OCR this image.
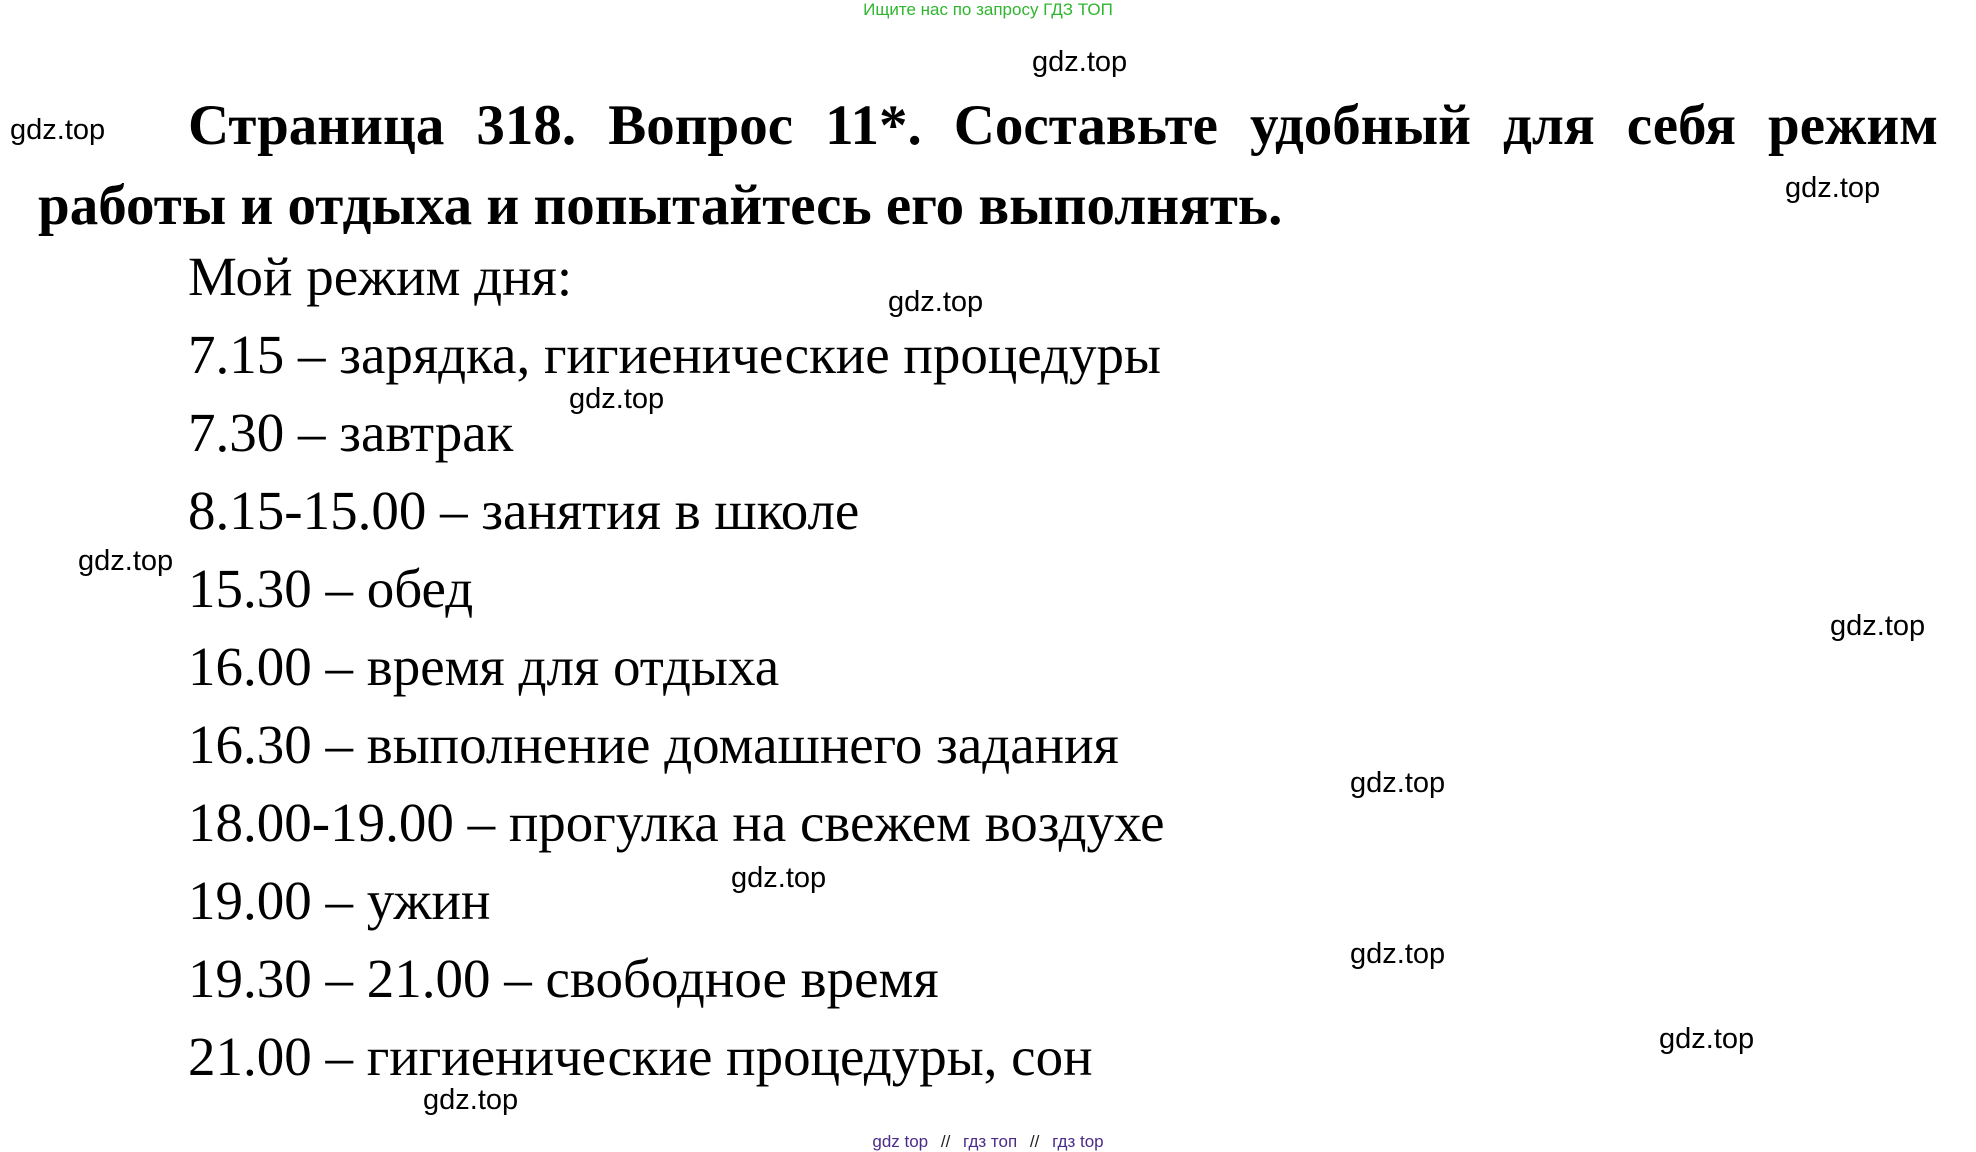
Ищите нас по запросу ГДЗ ТОП

Страница 318. Вопрос 11*. Составьте удобный для себя режим работы и отдыха и попытайтесь его выполнять.

Мой режим дня:
7.15 – зарядка, гигиенические процедуры
7.30 – завтрак
8.15-15.00 – занятия в школе
15.30 – обед
16.00 – время для отдыха
16.30 – выполнение домашнего задания
18.00-19.00 – прогулка на свежем воздухе
19.00 – ужин
19.30 – 21.00 – свободное время
21.00 – гигиенические процедуры, сон
gdz.top
gdz.top
gdz.top
gdz.top
gdz.top
gdz.top
gdz.top
gdz.top
gdz.top
gdz.top
gdz.top
gdz.top
gdz top // гдз топ // гдз top
